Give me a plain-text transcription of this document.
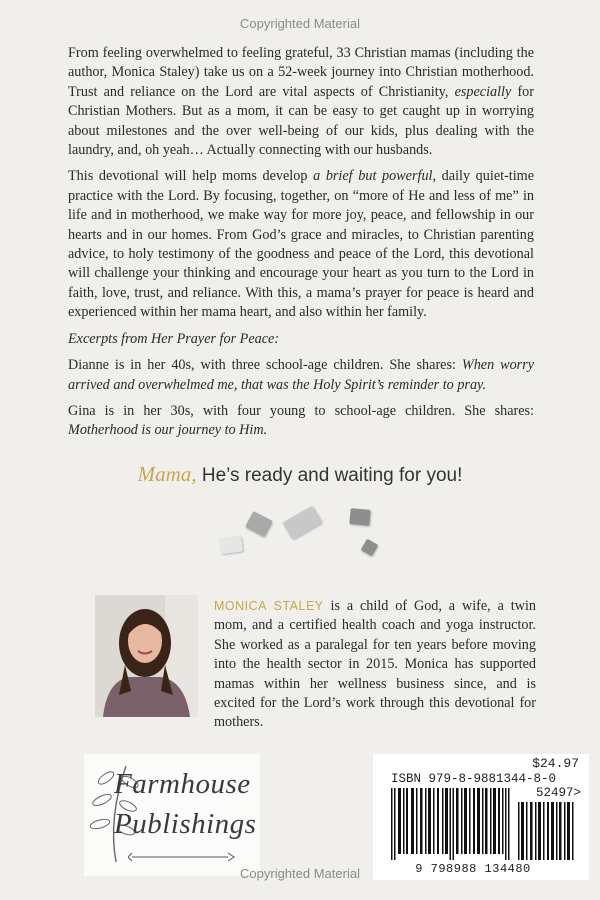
Copyrighted Material

From feeling overwhelmed to feeling grateful, 33 Christian mamas (including the author, Monica Staley) take us on a 52-week journey into Christian motherhood. Trust and reliance on the Lord are vital aspects of Christianity, especially for Christian Mothers. But as a mom, it can be easy to get caught up in worrying about milestones and the over well-being of our kids, plus dealing with the laundry, and, oh yeah… Actually connecting with our husbands.

This devotional will help moms develop a brief but powerful, daily quiet-time practice with the Lord. By focusing, together, on “more of He and less of me” in life and in motherhood, we make way for more joy, peace, and fellowship in our hearts and in our homes. From God’s grace and miracles, to Christian parenting advice, to holy testimony of the goodness and peace of the Lord, this devotional will challenge your thinking and encourage your heart as you turn to the Lord in faith, love, trust, and reliance. With this, a mama’s prayer for peace is heard and experienced within her mama heart, and also within her family.

Excerpts from Her Prayer for Peace:

Dianne is in her 40s, with three school-age children. She shares: When worry arrived and overwhelmed me, that was the Holy Spirit’s reminder to pray.

Gina is in her 30s, with four young to school-age children. She shares: Motherhood is our journey to Him.

Mama, He’s ready and waiting for you!
MONICA STALEY is a child of God, a wife, a twin mom, and a certified health coach and yoga instructor. She worked as a paralegal for ten years before moving into the health sector in 2015. Monica has supported mamas within her wellness business since, and is excited for the Lord’s work through this devotional for mothers.
Farmhouse
Publishings
$24.97
ISBN 979-8-9881344-8-0
52497>
9 798988 134480
Copyrighted Material
